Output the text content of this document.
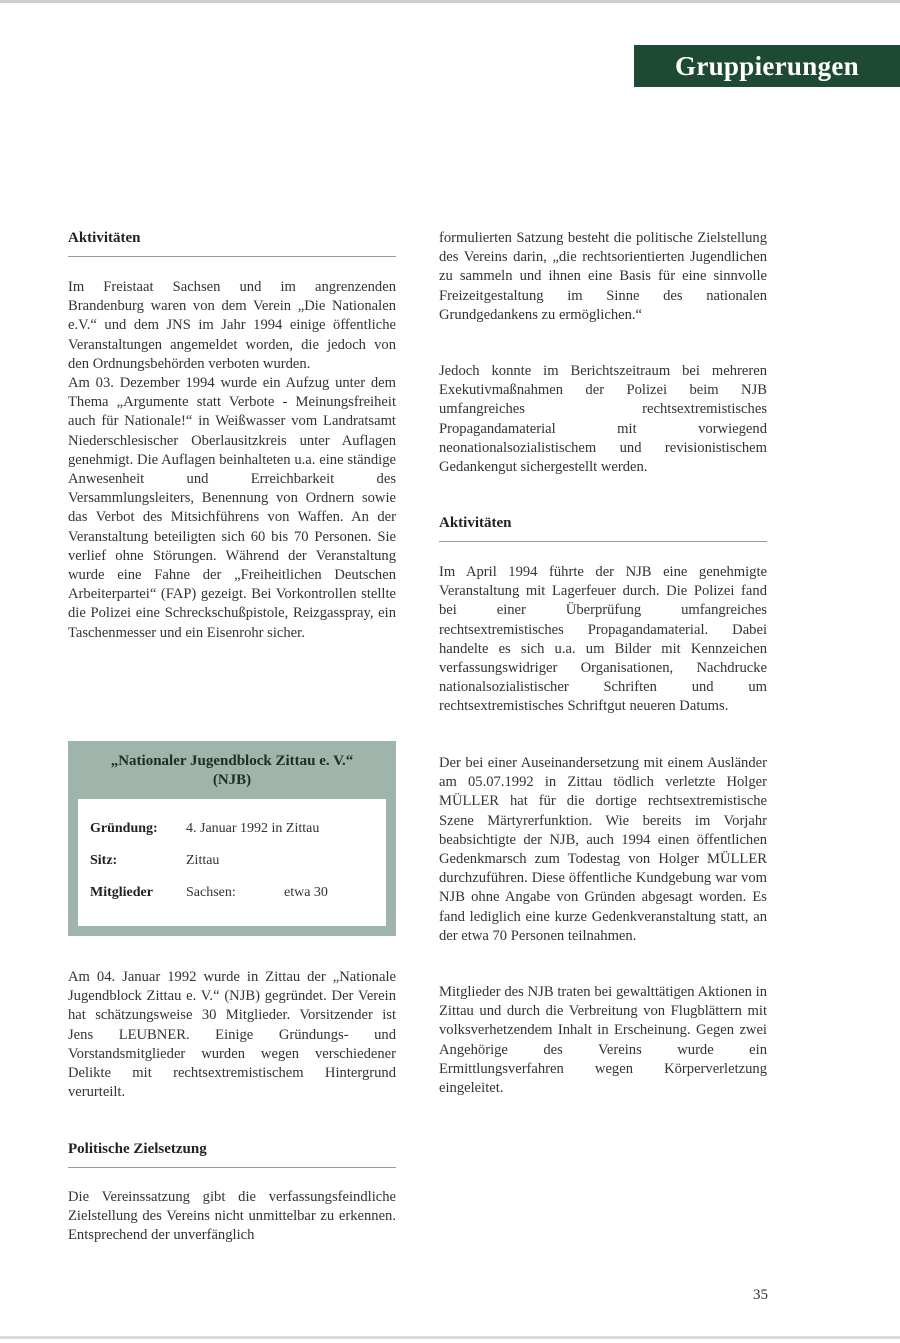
Gruppierungen
Aktivitäten

Im Freistaat Sachsen und im angrenzenden Brandenburg waren von dem Verein „Die Nationalen e.V.“ und dem JNS im Jahr 1994 einige öffentliche Veranstaltungen angemeldet worden, die jedoch von den Ordnungsbehörden verboten wurden.

Am 03. Dezember 1994 wurde ein Aufzug unter dem Thema „Argumente statt Verbote - Meinungsfreiheit auch für Nationale!“ in Weißwasser vom Landratsamt Niederschlesischer Oberlausitzkreis unter Auflagen genehmigt. Die Auflagen beinhalteten u.a. eine ständige Anwesenheit und Erreichbarkeit des Versammlungsleiters, Benennung von Ordnern sowie das Verbot des Mitsichführens von Waffen. An der Veranstaltung beteiligten sich 60 bis 70 Personen. Sie verlief ohne Störungen. Während der Veranstaltung wurde eine Fahne der „Freiheitlichen Deutschen Arbeiterpartei“ (FAP) gezeigt. Bei Vorkontrollen stellte die Polizei eine Schreckschußpistole, Reizgasspray, ein Taschenmesser und ein Eisenrohr sicher.

„Nationaler Jugendblock Zittau e. V.“
(NJB)
Gründung: 4. Januar 1992 in Zittau
Sitz:	Zittau
Mitglieder Sachsen:	etwa 30

Am 04. Januar 1992 wurde in Zittau der „Nationale Jugendblock Zittau e. V.“ (NJB) gegründet. Der Verein hat schätzungsweise 30 Mitglieder. Vorsitzender ist Jens LEUBNER. Einige Gründungs- und Vorstandsmitglieder wurden wegen verschiedener Delikte mit rechtsextremistischem Hintergrund verurteilt.

Politische Zielsetzung

Die Vereinssatzung gibt die verfassungsfeindliche Zielstellung des Vereins nicht unmittelbar zu erkennen. Entsprechend der unverfänglich

formulierten Satzung besteht die politische Zielstellung des Vereins darin, „die rechtsorientierten Jugendlichen zu sammeln und ihnen eine Basis für eine sinnvolle Freizeitgestaltung im Sinne des nationalen Grundgedankens zu ermöglichen.“

Jedoch konnte im Berichtszeitraum bei mehreren Exekutivmaßnahmen der Polizei beim NJB umfangreiches rechtsextremistisches Propagandamaterial mit vorwiegend neonationalsozialistischem und revisionistischem Gedankengut sichergestellt werden.

Aktivitäten

Im April 1994 führte der NJB eine genehmigte Veranstaltung mit Lagerfeuer durch. Die Polizei fand bei einer Überprüfung umfangreiches rechtsextremistisches Propagandamaterial. Dabei handelte es sich u.a. um Bilder mit Kennzeichen verfassungswidriger Organisationen, Nachdrucke nationalsozialistischer Schriften und um rechtsextremistisches Schriftgut neueren Datums.

Der bei einer Auseinandersetzung mit einem Ausländer am 05.07.1992 in Zittau tödlich verletzte Holger MÜLLER hat für die dortige rechtsextremistische Szene Märtyrerfunktion. Wie bereits im Vorjahr beabsichtigte der NJB, auch 1994 einen öffentlichen Gedenkmarsch zum Todestag von Holger MÜLLER durchzuführen. Diese öffentliche Kundgebung war vom NJB ohne Angabe von Gründen abgesagt worden. Es fand lediglich eine kurze Gedenkveranstaltung statt, an der etwa 70 Personen teilnahmen.

Mitglieder des NJB traten bei gewalttätigen Aktionen in Zittau und durch die Verbreitung von Flugblättern mit volksverhetzendem Inhalt in Erscheinung. Gegen zwei Angehörige des Vereins wurde ein Ermittlungsverfahren wegen Körperverletzung eingeleitet.

35
